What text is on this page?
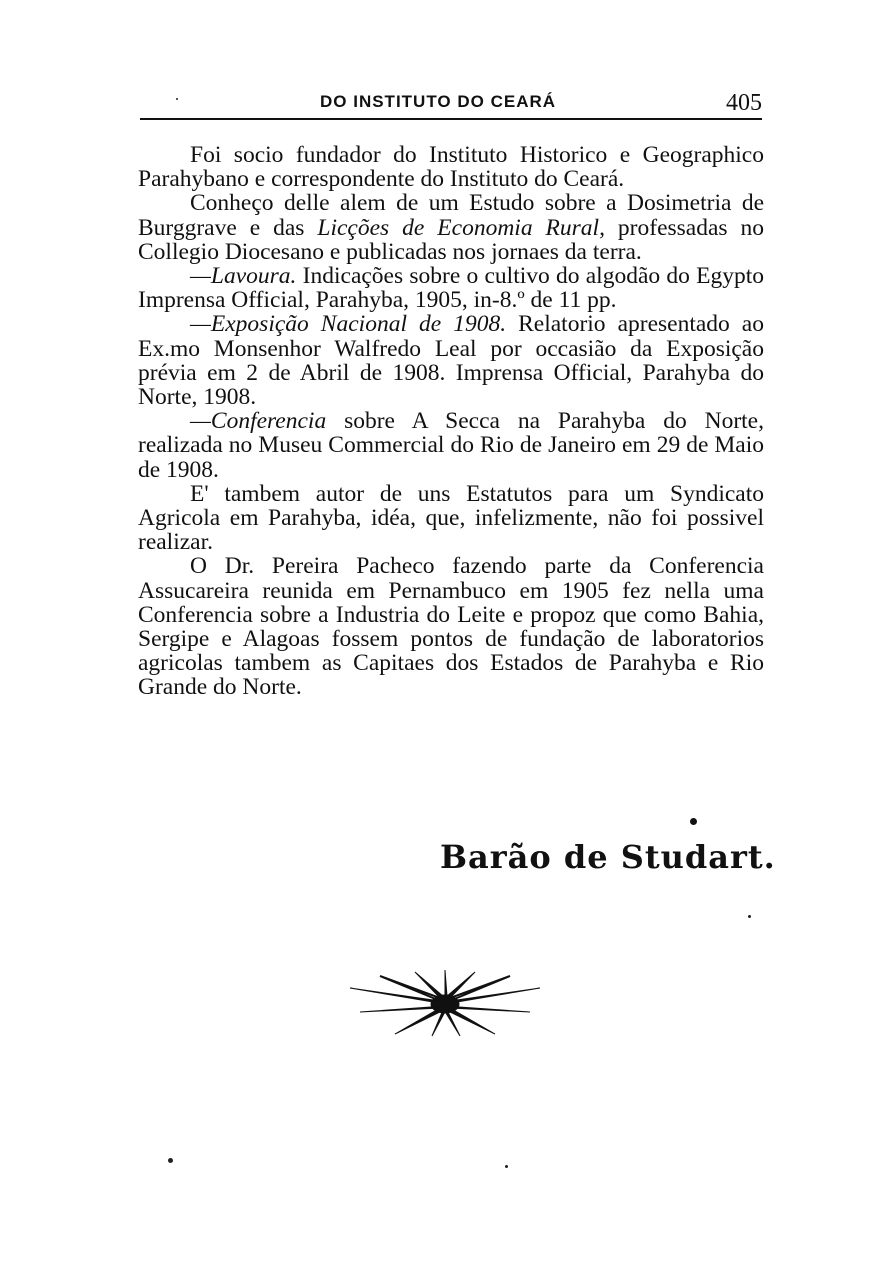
DO INSTITUTO DO CEARÁ	405

Foi socio fundador do Instituto Historico e Geographico Parahybano e correspondente do Instituto do Ceará.

Conheço delle alem de um Estudo sobre a Dosimetria de Burggrave e das Licções de Economia Rural, professadas no Collegio Diocesano e publicadas nos jornaes da terra.

—Lavoura. Indicações sobre o cultivo do algodão do Egypto Imprensa Official, Parahyba, 1905, in-8.º de 11 pp.

—Exposição Nacional de 1908. Relatorio apresentado ao Ex.mo Monsenhor Walfredo Leal por occasião da Exposição prévia em 2 de Abril de 1908. Imprensa Official, Parahyba do Norte, 1908.

—Conferencia sobre A Secca na Parahyba do Norte, realizada no Museu Commercial do Rio de Janeiro em 29 de Maio de 1908.

E' tambem autor de uns Estatutos para um Syndicato Agricola em Parahyba, idéa, que, infelizmente, não foi possivel realizar.

O Dr. Pereira Pacheco fazendo parte da Conferencia Assucareira reunida em Pernambuco em 1905 fez nella uma Conferencia sobre a Industria do Leite e propoz que como Bahia, Sergipe e Alagoas fossem pontos de fundação de laboratorios agricolas tambem as Capitaes dos Estados de Parahyba e Rio Grande do Norte.

Barão de Studart.
